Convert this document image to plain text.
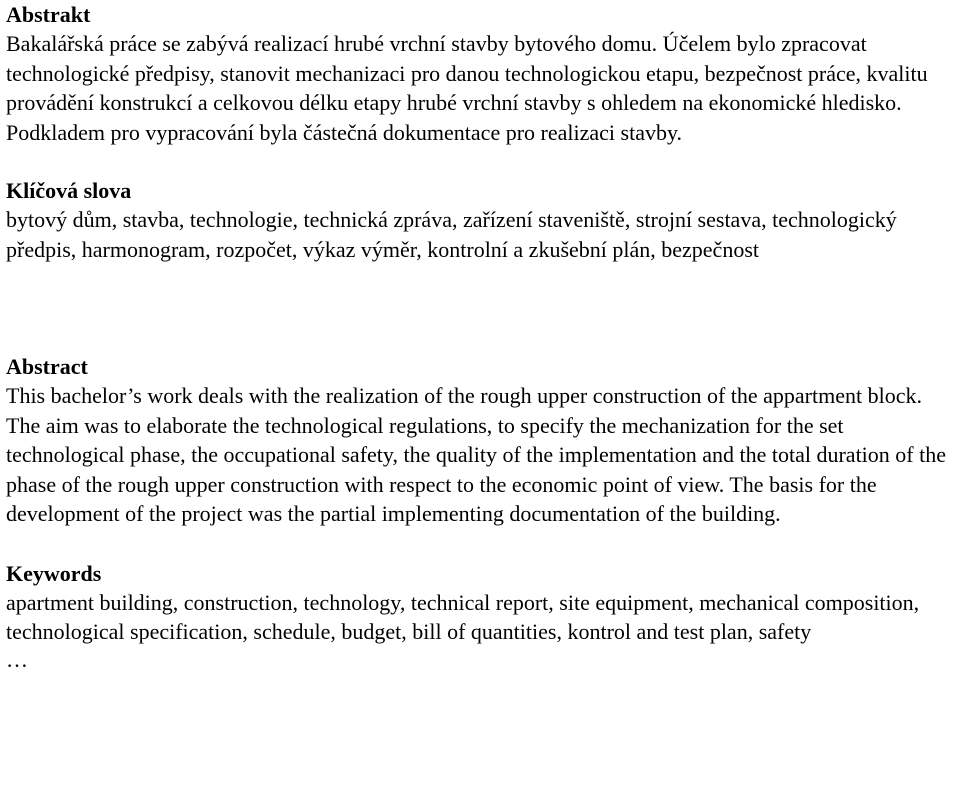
Abstrakt

Bakalářská práce se zabývá realizací hrubé vrchní stavby bytového domu. Účelem bylo zpracovat technologické předpisy, stanovit mechanizaci pro danou technologickou etapu, bezpečnost práce, kvalitu provádění konstrukcí a celkovou délku etapy hrubé vrchní stavby s ohledem na ekonomické hledisko. Podkladem pro vypracování byla částečná dokumentace pro realizaci stavby.

Klíčová slova

bytový dům, stavba, technologie, technická zpráva, zařízení staveniště, strojní sestava, technologický předpis, harmonogram, rozpočet, výkaz výměr, kontrolní a zkušební plán, bezpečnost

Abstract

This bachelor’s work deals with the realization of the rough upper construction of the appartment block. The aim was to elaborate the technological regulations, to specify the mechanization for the set technological phase, the occupational safety, the quality of the implementation and the total duration of the phase of the rough upper construction with respect to the economic point of view. The basis for the development of the project was the partial implementing documentation of the building.

Keywords

apartment building, construction, technology, technical report, site equipment, mechanical composition, technological specification, schedule, budget, bill of quantities, kontrol and test plan, safety

…
